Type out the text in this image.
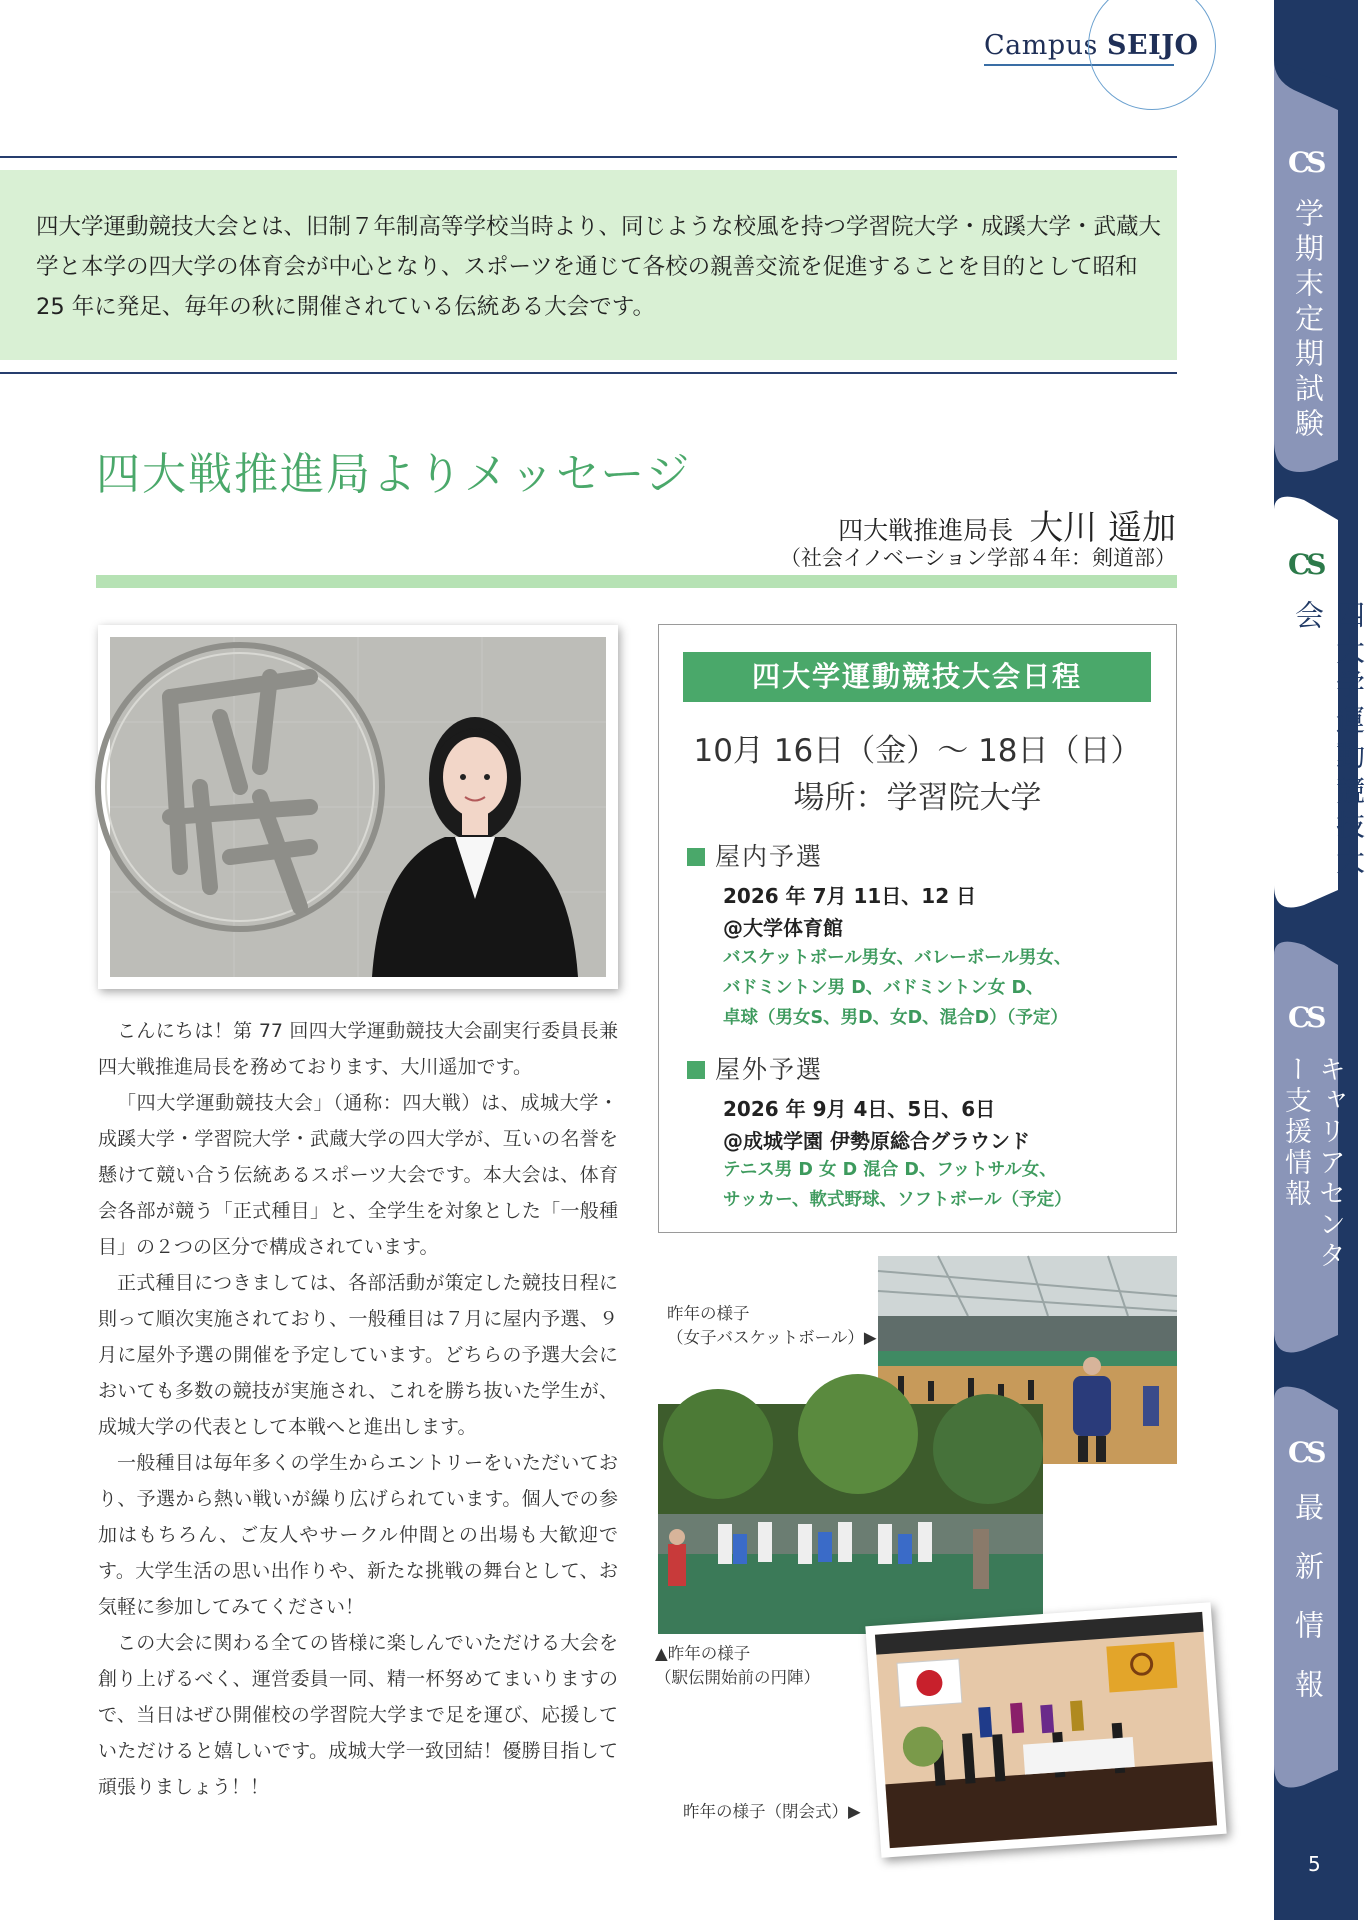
Campus SEIJO
四大学運動競技大会とは、旧制７年制高等学校当時より、同じような校風を持つ学習院大学・成蹊大学・武蔵大学と本学の四大学の体育会が中心となり、スポーツを通じて各校の親善交流を促進することを目的として昭和 25 年に発足、毎年の秋に開催されている伝統ある大会です。
四大戦推進局よりメッセージ
四大戦推進局長 大川 遥加
（社会イノベーション学部４年：剣道部）

こんにちは！第 77 回四大学運動競技大会副実行委員長兼四大戦推進局長を務めております、大川遥加です。

「四大学運動競技大会」（通称：四大戦）は、成城大学・成蹊大学・学習院大学・武蔵大学の四大学が、互いの名誉を懸けて競い合う伝統あるスポーツ大会です。本大会は、体育会各部が競う「正式種目」と、全学生を対象とした「一般種目」の２つの区分で構成されています。

正式種目につきましては、各部活動が策定した競技日程に則って順次実施されており、一般種目は７月に屋内予選、９月に屋外予選の開催を予定しています。どちらの予選大会においても多数の競技が実施され、これを勝ち抜いた学生が、成城大学の代表として本戦へと進出します。

一般種目は毎年多くの学生からエントリーをいただいており、予選から熱い戦いが繰り広げられています。個人での参加はもちろん、ご友人やサークル仲間との出場も大歓迎です。大学生活の思い出作りや、新たな挑戦の舞台として、お気軽に参加してみてください！

この大会に関わる全ての皆様に楽しんでいただける大会を創り上げるべく、運営委員一同、精一杯努めてまいりますので、当日はぜひ開催校の学習院大学まで足を運び、応援していただけると嬉しいです。成城大学一致団結！優勝目指して頑張りましょう！！

四大学運動競技大会日程
10月 16日（金）〜 18日（日）
場所：学習院大学
屋内予選
2026 年 7月 11日、12 日
@大学体育館
バスケットボール男女、バレーボール男女、
バドミントン男 D、バドミントン女 D、
卓球（男女S、男D、女D、混合D）（予定）
屋外予選
2026 年 9月 4日、5日、6日
@成城学園 伊勢原総合グラウンド
テニス男 D 女 D 混合 D、フットサル女、
サッカー、軟式野球、ソフトボール（予定）
昨年の様子
（女子バスケットボール）▶
▲昨年の様子
（駅伝開始前の円陣）
昨年の様子（閉会式）▶
CS
学期末定期試験
CS
四大学運動競技大会
CS
キャリアセンター支援情報
CS
最新情報
5
